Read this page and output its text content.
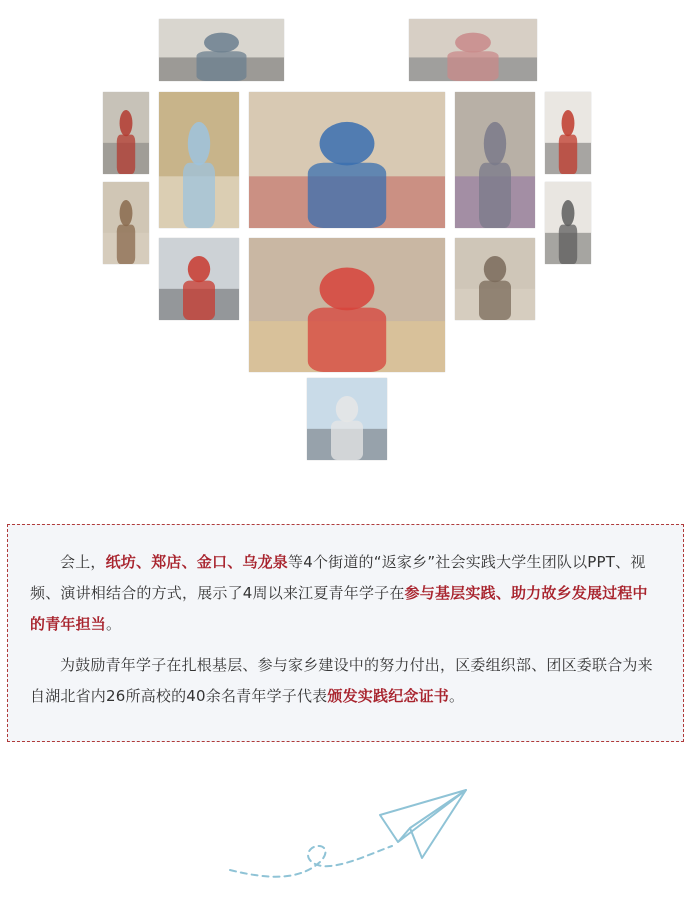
会上，纸坊、郑店、金口、乌龙泉等4个街道的“返家乡”社会实践大学生团队以PPT、视频、演讲相结合的方式，展示了4周以来江夏青年学子在参与基层实践、助力故乡发展过程中的青年担当。

为鼓励青年学子在扎根基层、参与家乡建设中的努力付出，区委组织部、团区委联合为来自湖北省内26所高校的40余名青年学子代表颁发实践纪念证书。
